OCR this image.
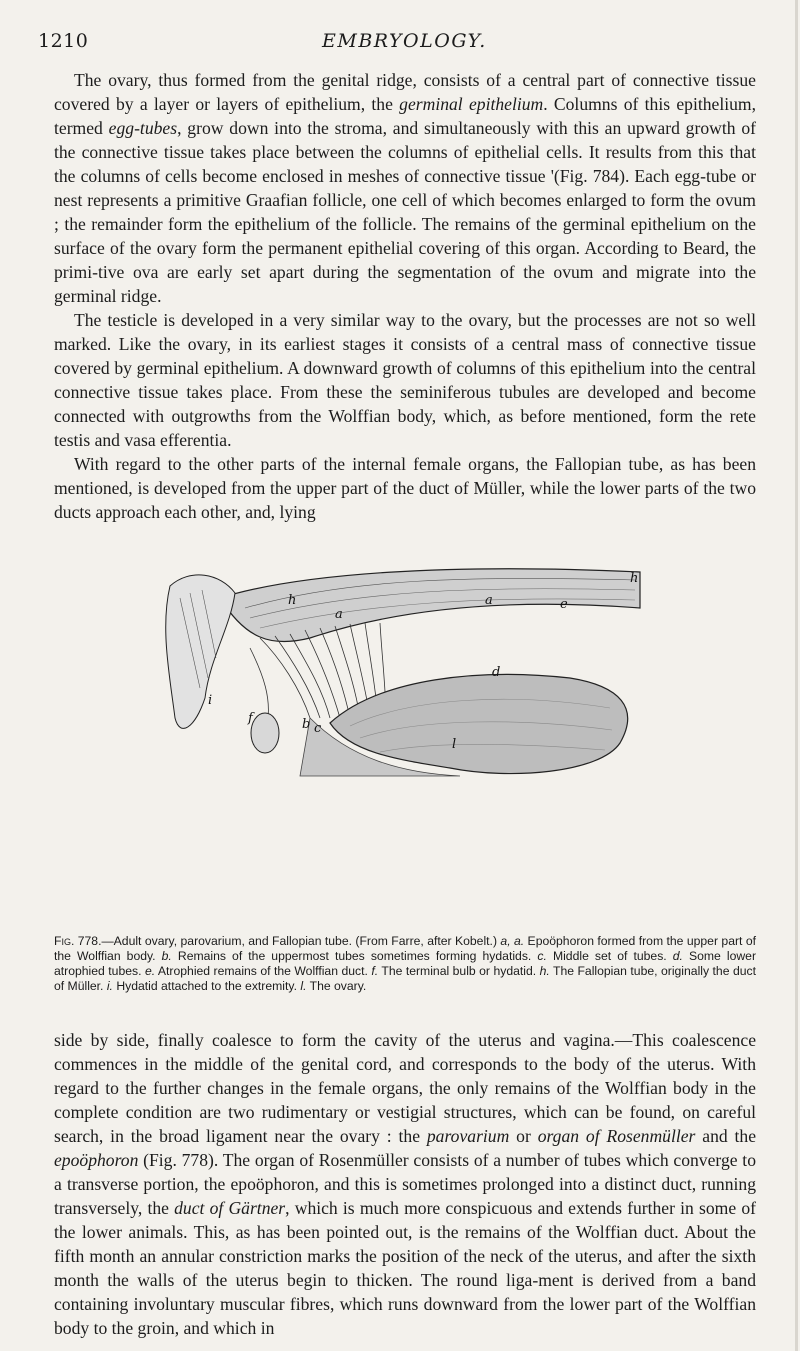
1210	EMBRYOLOGY.

The ovary, thus formed from the genital ridge, consists of a central part of connective tissue covered by a layer or layers of epithelium, the germinal epithelium. Columns of this epithelium, termed egg-tubes, grow down into the stroma, and simultaneously with this an upward growth of the connective tissue takes place between the columns of epithelial cells. It results from this that the columns of cells become enclosed in meshes of connective tissue '(Fig. 784). Each egg-tube or nest represents a primitive Graafian follicle, one cell of which becomes enlarged to form the ovum ; the remainder form the epithelium of the follicle. The remains of the germinal epithelium on the surface of the ovary form the permanent epithelial covering of this organ. According to Beard, the primi-tive ova are early set apart during the segmentation of the ovum and migrate into the germinal ridge.

The testicle is developed in a very similar way to the ovary, but the processes are not so well marked. Like the ovary, in its earliest stages it consists of a central mass of connective tissue covered by germinal epithelium. A downward growth of columns of this epithelium into the central connective tissue takes place. From these the seminiferous tubules are developed and become connected with outgrowths from the Wolffian body, which, as before mentioned, form the rete testis and vasa efferentia.

With regard to the other parts of the internal female organs, the Fallopian tube, as has been mentioned, is developed from the upper part of the duct of Müller, while the lower parts of the two ducts approach each other, and, lying

h
h	a
a
e
d
i
f	b c
l
Fig. 778.—Adult ovary, parovarium, and Fallopian tube. (From Farre, after Kobelt.) a, a. Epoöphoron formed from the upper part of the Wolffian body. b. Remains of the uppermost tubes sometimes forming hydatids. c. Middle set of tubes. d. Some lower atrophied tubes. e. Atrophied remains of the Wolffian duct. f. The terminal bulb or hydatid. h. The Fallopian tube, originally the duct of Müller. i. Hydatid attached to the extremity. l. The ovary.

side by side, finally coalesce to form the cavity of the uterus and vagina.—This coalescence commences in the middle of the genital cord, and corresponds to the body of the uterus. With regard to the further changes in the female organs, the only remains of the Wolffian body in the complete condition are two rudimentary or vestigial structures, which can be found, on careful search, in the broad ligament near the ovary : the parovarium or organ of Rosenmüller and the epoöphoron (Fig. 778). The organ of Rosenmüller consists of a number of tubes which converge to a transverse portion, the epoöphoron, and this is sometimes prolonged into a distinct duct, running transversely, the duct of Gärtner, which is much more conspicuous and extends further in some of the lower animals. This, as has been pointed out, is the remains of the Wolffian duct. About the fifth month an annular constriction marks the position of the neck of the uterus, and after the sixth month the walls of the uterus begin to thicken. The round liga-ment is derived from a band containing involuntary muscular fibres, which runs downward from the lower part of the Wolffian body to the groin, and which in
